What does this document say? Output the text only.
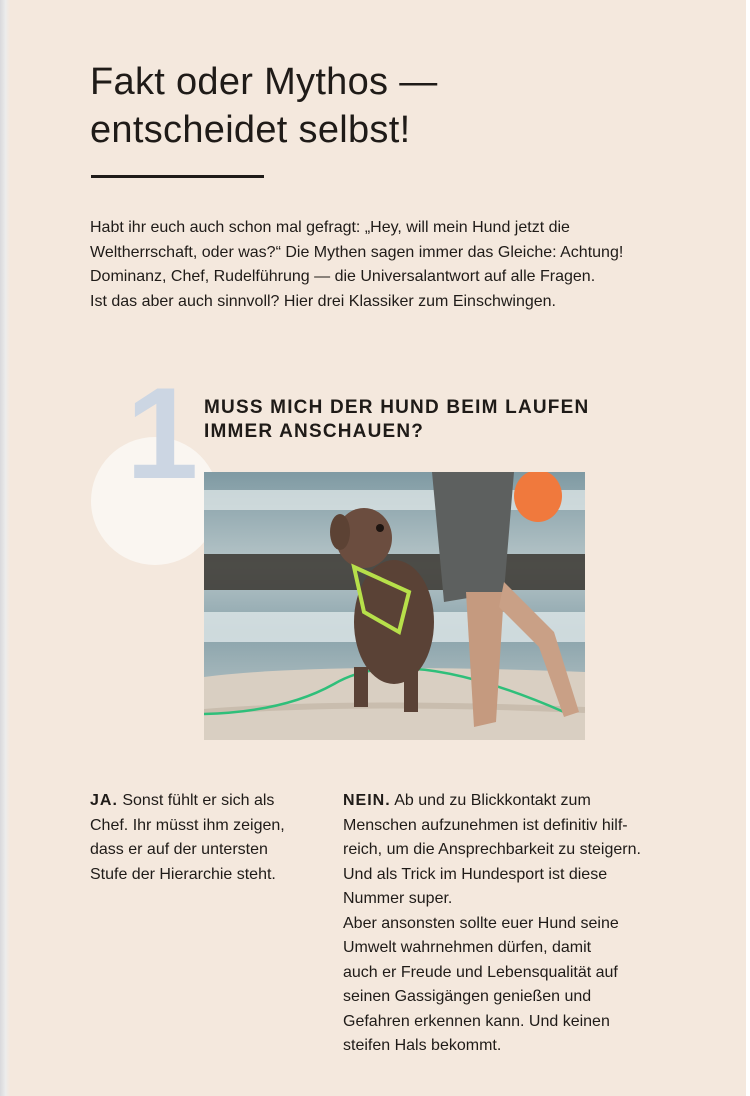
Fakt oder Mythos —
entscheidet selbst!

Habt ihr euch auch schon mal gefragt: „Hey, will mein Hund jetzt die
Weltherrschaft, oder was?“ Die Mythen sagen immer das Gleiche: Achtung!
Dominanz, Chef, Rudelführung — die Universalantwort auf alle Fragen.
Ist das aber auch sinnvoll? Hier drei Klassiker zum Einschwingen.

1 MUSS MICH DER HUND BEIM LAUFEN
IMMER ANSCHAUEN?
JA. Sonst fühlt er sich als
Chef. Ihr müsst ihm zeigen,
dass er auf der untersten
Stufe der Hierarchie steht.
NEIN. Ab und zu Blickkontakt zum
Menschen aufzunehmen ist definitiv hilf-
reich, um die Ansprechbarkeit zu steigern.
Und als Trick im Hundesport ist diese
Nummer super.
Aber ansonsten sollte euer Hund seine
Umwelt wahrnehmen dürfen, damit
auch er Freude und Lebensqualität auf
seinen Gassigängen genießen und
Gefahren erkennen kann. Und keinen
steifen Hals bekommt.
